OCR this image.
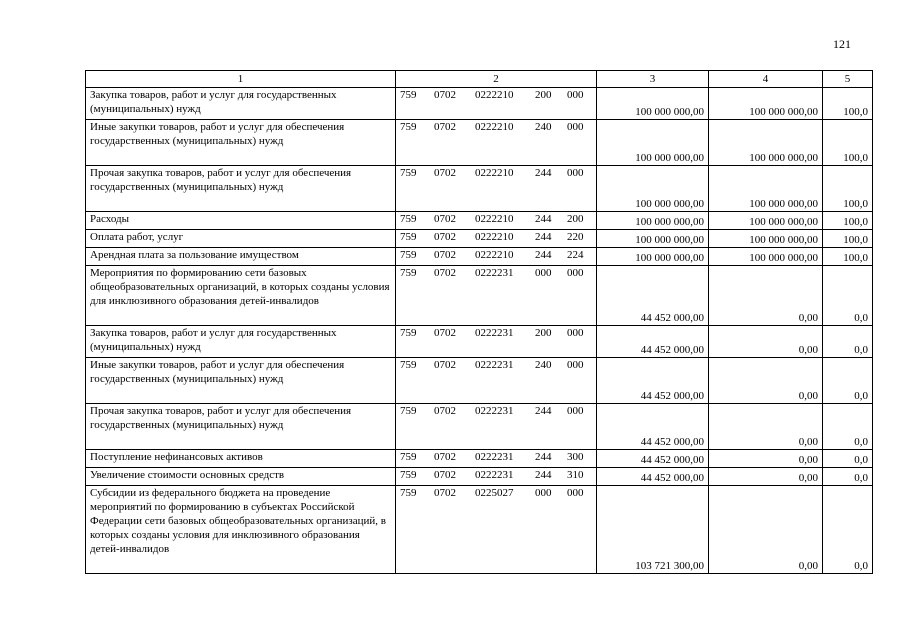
121
1	2	3	4	5
Закупка товаров, работ и услуг для государственных (муниципальных) нужд	759 0702 0222210 200 000	100 000 000,00	100 000 000,00	100,0
Иные закупки товаров, работ и услуг для обеспечения государственных (муниципальных) нужд	759 0702 0222210 240 000	100 000 000,00	100 000 000,00	100,0
Прочая закупка товаров, работ и услуг для обеспечения государственных (муниципальных) нужд	759 0702 0222210 244 000	100 000 000,00	100 000 000,00	100,0
Расходы	759 0702 0222210 244 200	100 000 000,00	100 000 000,00	100,0
Оплата работ, услуг	759 0702 0222210 244 220	100 000 000,00	100 000 000,00	100,0
Арендная плата за пользование имуществом	759 0702 0222210 244 224	100 000 000,00	100 000 000,00	100,0
Мероприятия по формированию сети базовых общеобразовательных организаций, в которых созданы условия для инклюзивного образования детей-инвалидов	759 0702 0222231 000 000	44 452 000,00	0,00	0,0
Закупка товаров, работ и услуг для государственных (муниципальных) нужд	759 0702 0222231 200 000	44 452 000,00	0,00	0,0
Иные закупки товаров, работ и услуг для обеспечения государственных (муниципальных) нужд	759 0702 0222231 240 000	44 452 000,00	0,00	0,0
Прочая закупка товаров, работ и услуг для обеспечения государственных (муниципальных) нужд	759 0702 0222231 244 000	44 452 000,00	0,00	0,0
Поступление нефинансовых активов	759 0702 0222231 244 300	44 452 000,00	0,00	0,0
Увеличение стоимости основных средств	759 0702 0222231 244 310	44 452 000,00	0,00	0,0
Субсидии из федерального бюджета на проведение мероприятий по формированию в субъектах Российской Федерации сети базовых общеобразовательных организаций, в которых созданы условия для инклюзивного образования детей-инвалидов	759 0702 0225027 000 000	103 721 300,00	0,00	0,0
